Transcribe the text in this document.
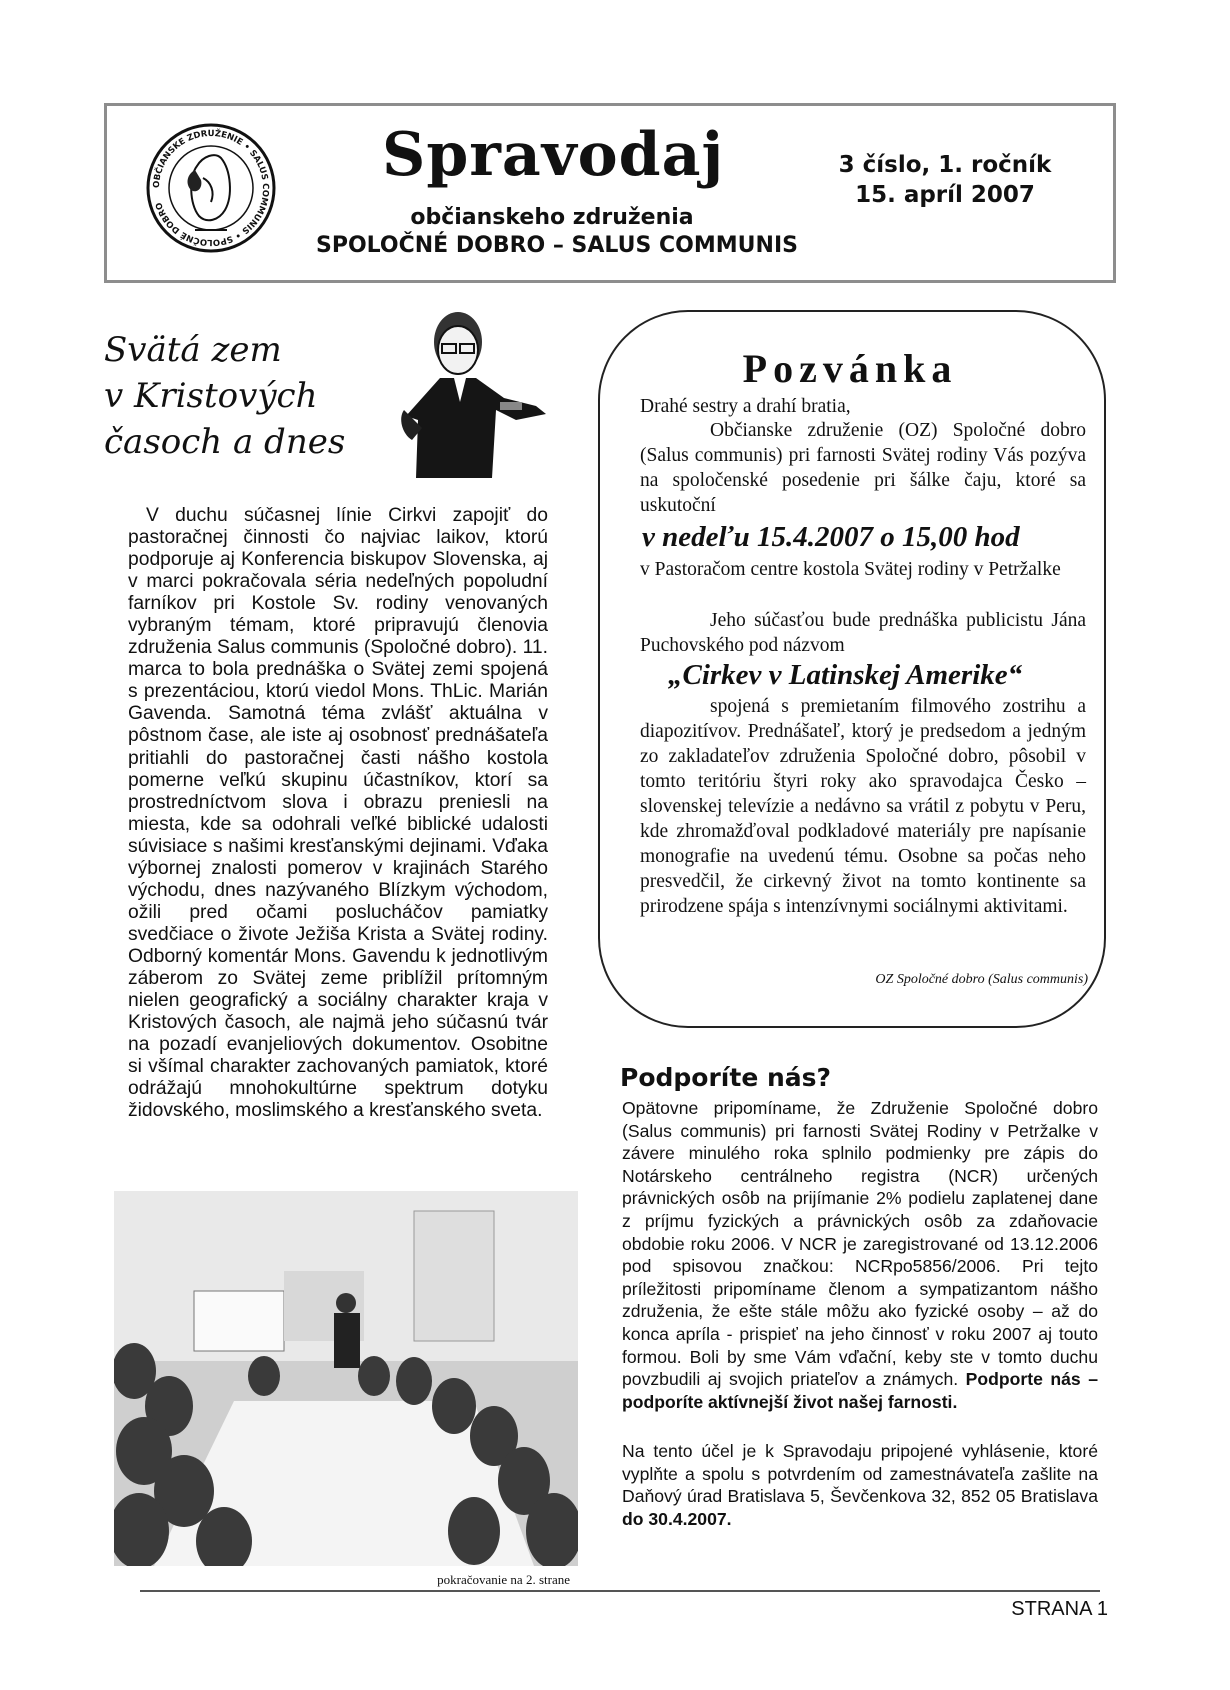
OBČIANSKE ZDRUŽENIE • SALUS COMMUNIS • SPOLOČNÉ DOBRO
Spravodaj
občianskeho združenia
SPOLOČNÉ DOBRO – SALUS COMMUNIS
3 číslo, 1. ročník
15. apríl 2007
Svätá zem
v Kristových
časoch a dnes

V duchu súčasnej línie Cirkvi zapojiť do pastoračnej činnosti čo najviac laikov, ktorú podporuje aj Konferencia biskupov Slovenska, aj v marci pokračovala séria nedeľných popoludní farníkov pri Kostole Sv. rodiny venovaných vybraným témam, ktoré pripravujú členovia združenia Salus communis (Spoločné dobro). 11. marca to bola prednáška o Svätej zemi spojená s prezentáciou, ktorú viedol Mons. ThLic. Marián Gavenda. Samotná téma zvlášť aktuálna v pôstnom čase, ale iste aj osobnosť prednášateľa pritiahli do pastoračnej časti nášho kostola pomerne veľkú skupinu účastníkov, ktorí sa prostredníctvom slova i obrazu preniesli na miesta, kde sa odohrali veľké biblické udalosti súvisiace s našimi kresťanskými dejinami. Vďaka výbornej znalosti pomerov v krajinách Starého východu, dnes nazývaného Blízkym východom, ožili pred očami poslucháčov pamiatky svedčiace o živote Ježiša Krista a Svätej rodiny. Odborný komentár Mons. Gavendu k jednotlivým záberom zo Svätej zeme priblížil prítomným nielen geografický a sociálny charakter kraja v Kristových časoch, ale najmä jeho súčasnú tvár na pozadí evanjeliových dokumentov. Osobitne si všímal charakter zachovaných pamiatok, ktoré odrážajú mnohokultúrne spektrum dotyku židovského, moslimského a kresťanského sveta.

pokračovanie na 2. strane
Pozvánka
Drahé sestry a drahí bratia,

Občianske združenie (OZ) Spoločné dobro (Salus communis) pri farnosti Svätej rodiny Vás pozýva na spoločenské posedenie pri šálke čaju, ktoré sa uskutoční

v nedeľu 15.4.2007 o 15,00 hod

v Pastoračom centre kostola Svätej rodiny v Petržalke

Jeho súčasťou bude prednáška publicistu Jána Puchovského pod názvom

„Cirkev v Latinskej Amerike“

spojená s premietaním filmového zostrihu a diapozitívov. Prednášateľ, ktorý je predsedom a jedným zo zakladateľov združenia Spoločné dobro, pôsobil v tomto teritóriu štyri roky ako spravodajca Česko – slovenskej televízie a nedávno sa vrátil z pobytu v Peru, kde zhromažďoval podkladové materiály pre napísanie monografie na uvedenú tému. Osobne sa počas neho presvedčil, že cirkevný život na tomto kontinente sa prirodzene spája s intenzívnymi sociálnymi aktivitami.

OZ Spoločné dobro (Salus communis)
Podporíte nás?

Opätovne pripomíname, že Združenie Spoločné dobro (Salus communis) pri farnosti Svätej Rodiny v Petržalke v závere minulého roka splnilo podmienky pre zápis do Notárskeho centrálneho registra (NCR) určených právnických osôb na prijímanie 2% podielu zaplatenej dane z príjmu fyzických a právnických osôb za zdaňovacie obdobie roku 2006. V NCR je zaregistrované od 13.12.2006 pod spisovou značkou: NCRpo5856/2006. Pri tejto príležitosti pripomíname členom a sympatizantom nášho združenia, že ešte stále môžu ako fyzické osoby – až do konca apríla - prispieť na jeho činnosť v roku 2007 aj touto formou. Boli by sme Vám vďační, keby ste v tomto duchu povzbudili aj svojich priateľov a známych. Podporte nás – podporíte aktívnejší život našej farnosti.

Na tento účel je k Spravodaju pripojené vyhlásenie, ktoré vyplňte a spolu s potvrdením od zamestnávateľa zašlite na Daňový úrad Bratislava 5, Ševčenkova 32, 852 05 Bratislava do 30.4.2007.

STRANA 1
